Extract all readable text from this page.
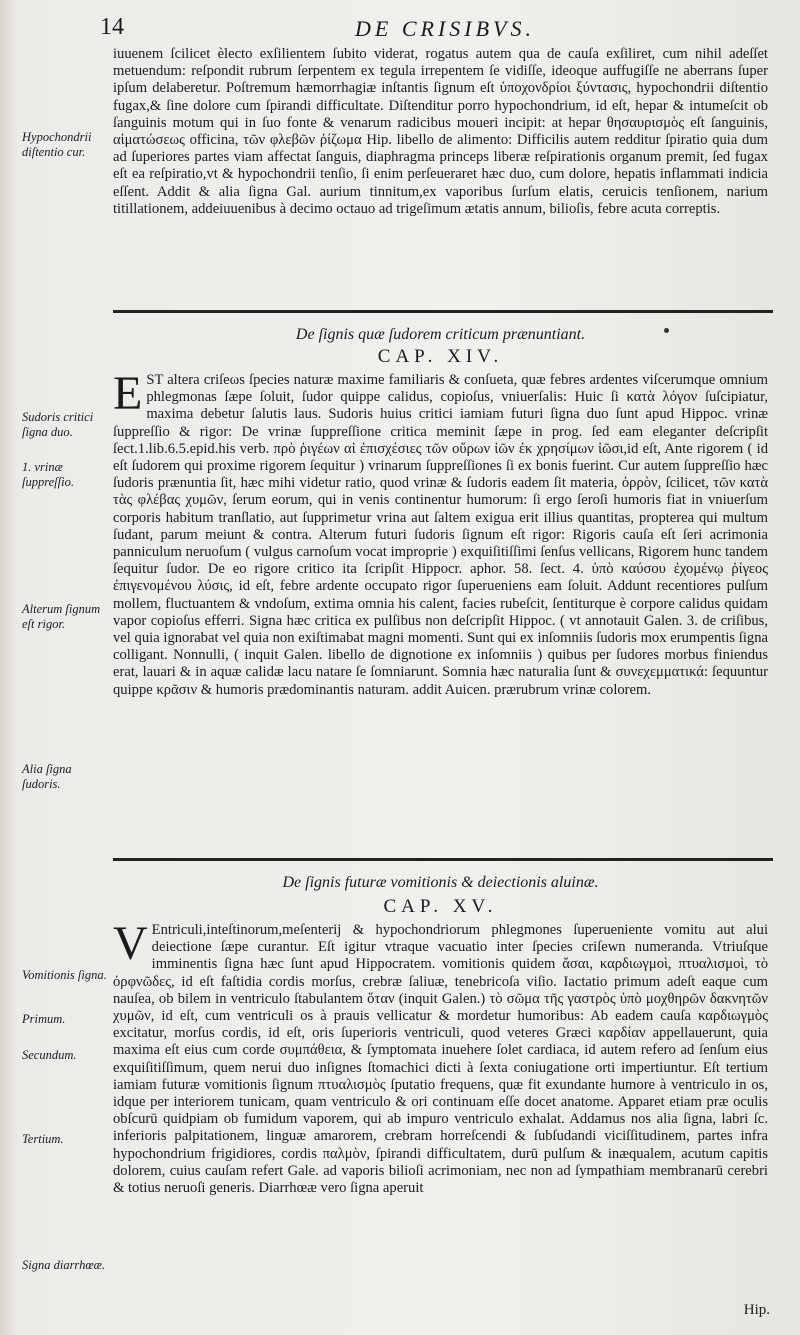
14	DE CRISIBVS.

iuuenem ſcilicet èlecto exſilientem ſubito viderat, rogatus autem qua de cauſa exſiliret, cum nihil adeſſet metuendum: reſpondit rubrum ſerpentem ex tegula irrepentem ſe vidiſſe, ideoque auffugiſſe ne aberrans ſuper ipſum delaberetur. Poſtremum hæmorrhagiæ inſtantis ſignum eſt ὑποχονδρίοι ξύντασις, hypochondrii diſtentio fugax,& ſine dolore cum ſpirandi difficultate. Diſtenditur porro hypochondrium, id eſt, hepar & intumeſcit ob ſanguinis motum qui in ſuo fonte & venarum radicibus moueri incipit: at hepar θησαυρισμὸς eſt ſanguinis, αἱματώσεως officina, τῶν φλεβῶν ῥίζωμα Hip. libello de alimento: Difficilis autem redditur ſpiratio quia dum ad ſuperiores partes viam affectat ſanguis, diaphragma princeps liberæ reſpirationis organum premit, ſed fugax eſt ea reſpiratio,vt & hypochondrii tenſio, ſi enim perſeueraret hæc duo, cum dolore, hepatis inflammati indicia eſſent. Addit & alia ſigna Gal. aurium tinnitum,ex vaporibus ſurſum elatis, ceruicis tenſionem, narium titillationem, addeiuuenibus à decimo octauo ad trigeſimum ætatis annum, bilioſis, febre acuta correptis.

De ſignis quæ ſudorem criticum prænuntiant.
CAP. XIV.

E ST altera criſeωs ſpecies naturæ maxime familiaris & conſueta, quæ febres ardentes viſcerumque omnium phlegmonas ſæpe ſoluit, ſudor quippe calidus, copioſus, vniuerſalis: Huic ſi κατὰ λόγον ſuſcipiatur, maxima debetur ſalutis laus. Sudoris huius critici iamiam futuri ſigna duo ſunt apud Hippoc. vrinæ ſuppreſſio & rigor: De vrinæ ſuppreſſione critica meminit ſæpe in prog. ſed eam eleganter deſcripſit ſect.1.lib.6.5.epid.his verb. πρὸ ῥιγέων αἱ ἐπισχέσιες τῶν οὔρων ἰῶν ἐκ χρησίμων ἰῶσι,id eſt, Ante rigorem ( id eſt ſudorem qui proxime rigorem ſequitur ) vrinarum ſuppreſſiones ſi ex bonis fuerint. Cur autem ſuppreſſio hæc ſudoris prænuntia ſit, hæc mihi videtur ratio, quod vrinæ & ſudoris eadem ſit materia, ὀρρὸν, ſcilicet, τῶν κατὰ τὰς φλέβας χυμῶν, ſerum eorum, qui in venis continentur humorum: ſi ergo ſeroſi humoris fiat in vniuerſum corporis habitum tranſlatio, aut ſupprimetur vrina aut ſaltem exigua erit illius quantitas, propterea qui multum ſudant, parum meiunt & contra. Alterum futuri ſudoris ſignum eſt rigor: Rigoris cauſa eſt ſeri acrimonia panniculum neruoſum ( vulgus carnoſum vocat improprie ) exquiſitiſſimi ſenſus vellicans, Rigorem hunc tandem ſequitur ſudor. De eo rigore critico ita ſcripſit Hippocr. aphor. 58. ſect. 4. ὑπὸ καύσου ἐχομένῳ ῥίγεος ἐπιγενομένου λύσις, id eſt, febre ardente occupato rigor ſuperueniens eam ſoluit. Addunt recentiores pulſum mollem, fluctuantem & vndoſum, extima omnia his calent, facies rubeſcit, ſentiturque è corpore calidus quidam vapor copioſus efferri. Signa hæc critica ex pulſibus non deſcripſit Hippoc. ( vt annotauit Galen. 3. de criſibus, vel quia ignorabat vel quia non exiſtimabat magni momenti. Sunt qui ex inſomniis ſudoris mox erumpentis ſigna colligant. Nonnulli, ( inquit Galen. libello de dignotione ex inſomniis ) quibus per ſudores morbus finiendus erat, lauari & in aquæ calidæ lacu natare ſe ſomniarunt. Somnia hæc naturalia ſunt & συνεχεμματικά: ſequuntur quippe κρᾶσιν & humoris prædominantis naturam. addit Auicen. prærubrum vrinæ colorem.

De ſignis futuræ vomitionis & deiectionis aluinæ.
CAP. XV.

V Entriculi,inteſtinorum,meſenterij & hypochondriorum phlegmones ſuperueniente vomitu aut alui deiectione ſæpe curantur. Eſt igitur vtraque vacuatio inter ſpecies criſewn numeranda. Vtriuſque imminentis ſigna hæc ſunt apud Hippocratem. vomitionis quidem ἄσαι, καρδιωγμοὶ, πτυαλισμοὶ, τὸ ὀρφνῶδες, id eſt faſtidia cordis morſus, crebræ ſaliuæ, tenebricoſa viſio. Iactatio primum adeſt eaque cum nauſea, ob bilem in ventriculo ſtabulantem ὅταν (inquit Galen.) τὸ σῶμα τῆς γαστρὸς ὑπὸ μοχθηρῶν δακνητῶν χυμῶν, id eſt, cum ventriculi os à prauis vellicatur & mordetur humoribus: Ab eadem cauſa καρδιωγμὸς excitatur, morſus cordis, id eſt, oris ſuperioris ventriculi, quod veteres Græci καρδίαν appellauerunt, quia maxima eſt eius cum corde συμπάθεια, & ſymptomata inuehere ſolet cardiaca, id autem refero ad ſenſum eius exquiſitiſſimum, quem nerui duo inſignes ſtomachici dicti à ſexta coniugatione orti impertiuntur. Eſt tertium iamiam futuræ vomitionis ſignum πτυαλισμὸς ſputatio frequens, quæ fit exundante humore à ventriculo in os, idque per interiorem tunicam, quam ventriculo & ori continuam eſſe docet anatome. Apparet etiam præ oculis obſcurū quidpiam ob fumidum vaporem, qui ab impuro ventriculo exhalat. Addamus nos alia ſigna, labri ſc. inferioris palpitationem, linguæ amarorem, crebram horreſcendi & ſubſudandi viciſſitudinem, partes infra hypochondrium frigidiores, cordis παλμὸν, ſpirandi difficultatem, durū pulſum & inæqualem, acutum capitis dolorem, cuius cauſam refert Gale. ad vaporis bilioſi acrimoniam, nec non ad ſympathiam membranarū cerebri & totius neruoſi generis. Diarrhœæ vero ſigna aperuit

Hip.
Hypochondrii diſtentio cur.
Sudoris critici ſigna duo.
1. vrinæ ſuppreſſio.
Alterum ſignum eſt rigor.
Alia ſigna ſudoris.
Vomitionis ſigna.
Primum.
Secundum.
Tertium.
Signa diarrhœæ.
